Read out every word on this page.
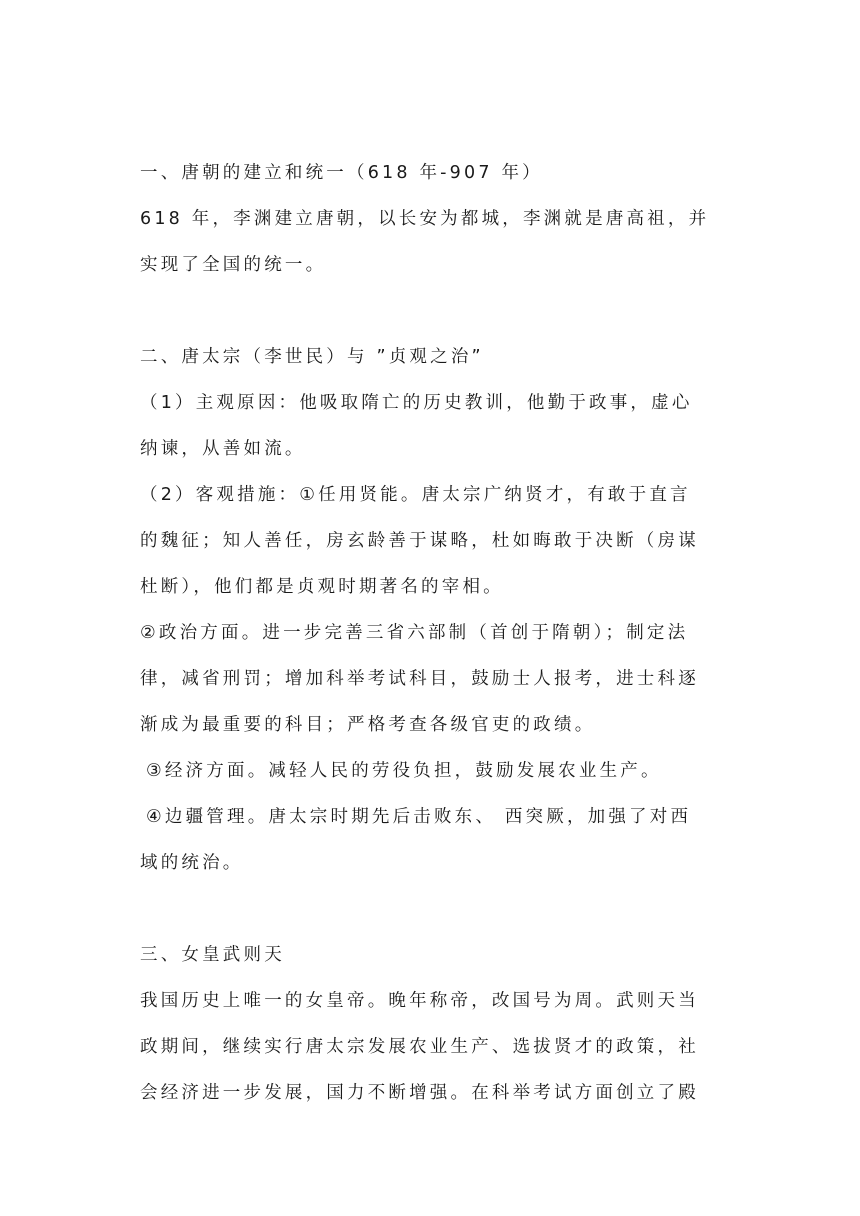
一、唐朝的建立和统一（618 年-907 年）
618 年，李渊建立唐朝，以长安为都城，李渊就是唐高祖，并
实现了全国的统一。
二、唐太宗（李世民）与 ”贞观之治”
（1）主观原因：他吸取隋亡的历史教训，他勤于政事，虚心
纳谏，从善如流。
（2）客观措施：①任用贤能。唐太宗广纳贤才，有敢于直言
的魏征；知人善任，房玄龄善于谋略，杜如晦敢于决断（房谋
杜断），他们都是贞观时期著名的宰相。
②政治方面。进一步完善三省六部制（首创于隋朝）；制定法
律，减省刑罚；增加科举考试科目，鼓励士人报考，进士科逐
渐成为最重要的科目；严格考查各级官吏的政绩。
③经济方面。减轻人民的劳役负担，鼓励发展农业生产。
④边疆管理。唐太宗时期先后击败东、 西突厥，加强了对西
域的统治。
三、女皇武则天
我国历史上唯一的女皇帝。晚年称帝，改国号为周。武则天当
政期间，继续实行唐太宗发展农业生产、选拔贤才的政策，社
会经济进一步发展，国力不断增强。在科举考试方面创立了殿
